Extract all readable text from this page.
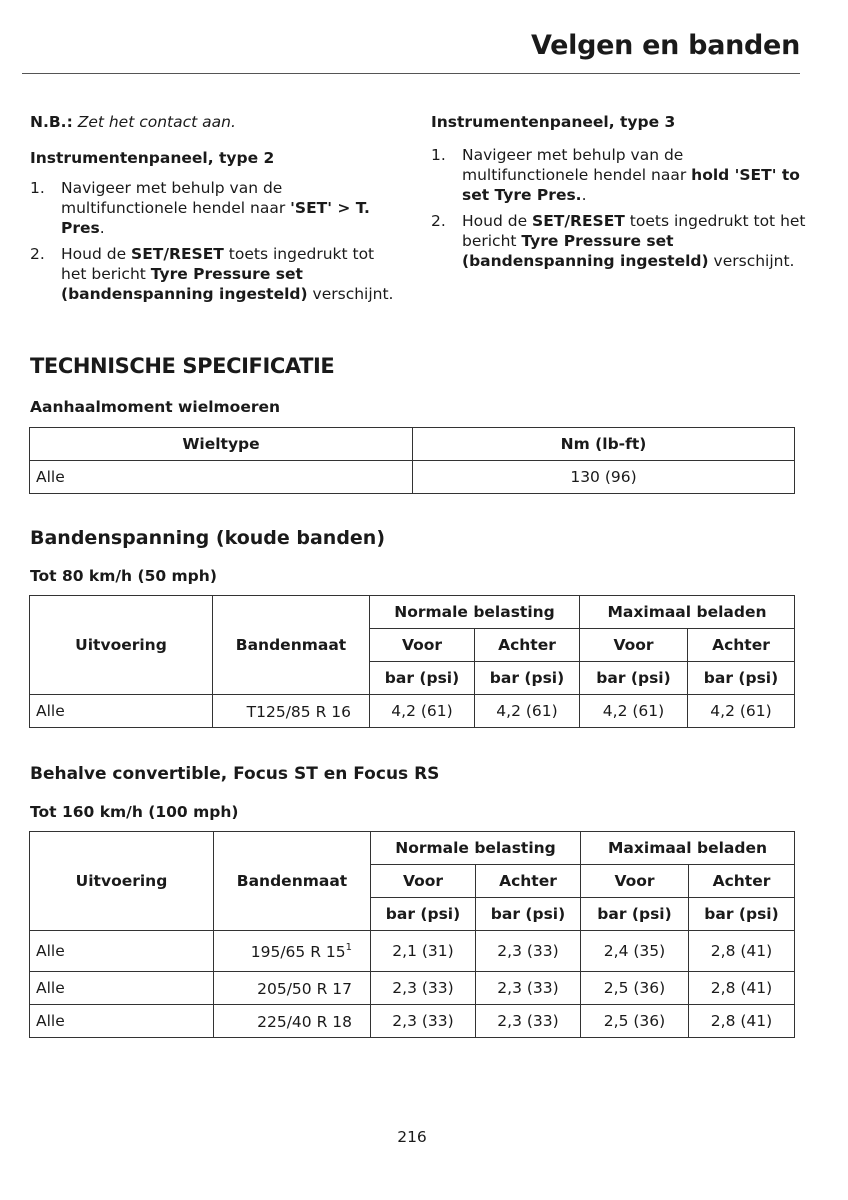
Velgen en banden

N.B.: Zet het contact aan.

Instrumentenpaneel, type 2
1. Navigeer met behulp van de multifunctionele hendel naar 'SET' > T. Pres.
2. Houd de SET/RESET toets ingedrukt tot het bericht Tyre Pressure set (bandenspanning ingesteld) verschijnt.
Instrumentenpaneel, type 3
1. Navigeer met behulp van de multifunctionele hendel naar hold 'SET' to set Tyre Pres..
2. Houd de SET/RESET toets ingedrukt tot het bericht Tyre Pressure set (bandenspanning ingesteld) verschijnt.
TECHNISCHE SPECIFICATIE
Aanhaalmoment wielmoeren
Wieltype	Nm (lb-ft)
Alle	130 (96)
Bandenspanning (koude banden)
Tot 80 km/h (50 mph)
Uitvoering	Bandenmaat	Normale belasting		Maximaal beladen	
		Voor	Achter	Voor	Achter
		bar (psi)	bar (psi)	bar (psi)	bar (psi)
Alle	T125/85 R 16	4,2 (61)	4,2 (61)	4,2 (61)	4,2 (61)
Behalve convertible, Focus ST en Focus RS
Tot 160 km/h (100 mph)
Uitvoering	Bandenmaat	Normale belasting		Maximaal beladen	
		Voor	Achter	Voor	Achter
		bar (psi)	bar (psi)	bar (psi)	bar (psi)
Alle	195/65 R $15^1$	2,1 (31)	2,3 (33)	2,4 (35)	2,8 (41)
Alle	205/50 R 17	2,3 (33)	2,3 (33)	2,5 (36)	2,8 (41)
Alle	225/40 R 18	2,3 (33)	2,3 (33)	2,5 (36)	2,8 (41)
216
